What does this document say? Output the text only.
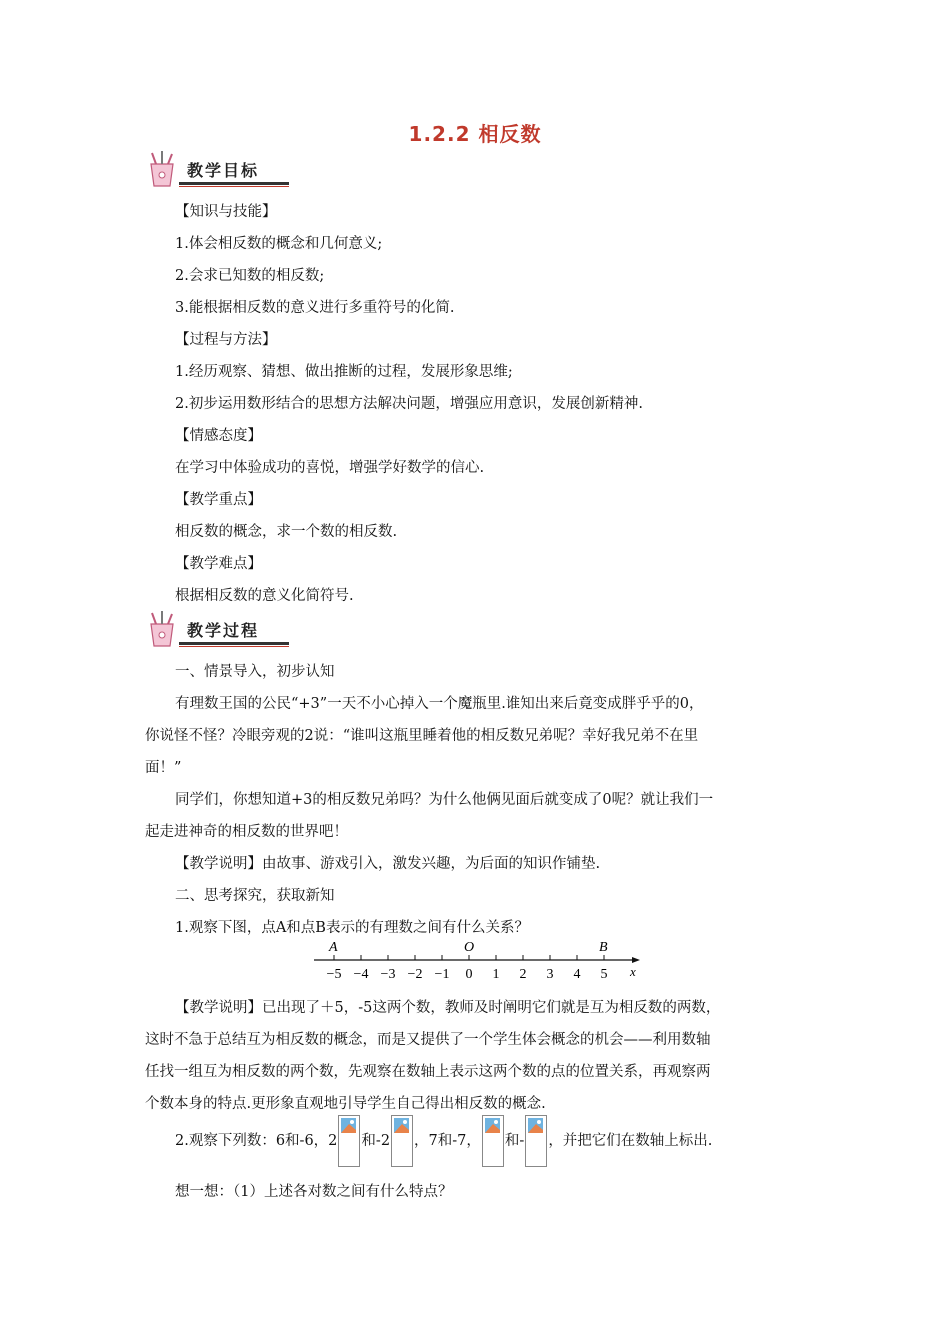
1.2.2 相反数
教学目标
【知识与技能】
1.体会相反数的概念和几何意义;
2.会求已知数的相反数;
3.能根据相反数的意义进行多重符号的化简.
【过程与方法】
1.经历观察、猜想、做出推断的过程，发展形象思维;
2.初步运用数形结合的思想方法解决问题，增强应用意识，发展创新精神.
【情感态度】
在学习中体验成功的喜悦，增强学好数学的信心.
【教学重点】
相反数的概念，求一个数的相反数.
【教学难点】
根据相反数的意义化简符号.
教学过程
一、情景导入，初步认知
有理数王国的公民“+3”一天不小心掉入一个魔瓶里.谁知出来后竟变成胖乎乎的0，
你说怪不怪？冷眼旁观的2说：“谁叫这瓶里睡着他的相反数兄弟呢？幸好我兄弟不在里
面！”
同学们，你想知道+3的相反数兄弟吗？为什么他俩见面后就变成了0呢？就让我们一
起走进神奇的相反数的世界吧！
【教学说明】由故事、游戏引入，激发兴趣，为后面的知识作铺垫.
二、思考探究，获取新知
1.观察下图，点A和点B表示的有理数之间有什么关系？
−5 −4 −3 −2 −1 0 1 2 3 4 5
A	O	B
x
【教学说明】已出现了＋5，-5这两个数，教师及时阐明它们就是互为相反数的两数，
这时不急于总结互为相反数的概念，而是又提供了一个学生体会概念的机会——利用数轴
任找一组互为相反数的两个数，先观察在数轴上表示这两个数的点的位置关系，再观察两
个数本身的特点.更形象直观地引导学生自己得出相反数的概念.
2.观察下列数：6和-6，2 和-2 ，7和-7， 和- ，并把它们在数轴上标出.
想一想：（1）上述各对数之间有什么特点？
